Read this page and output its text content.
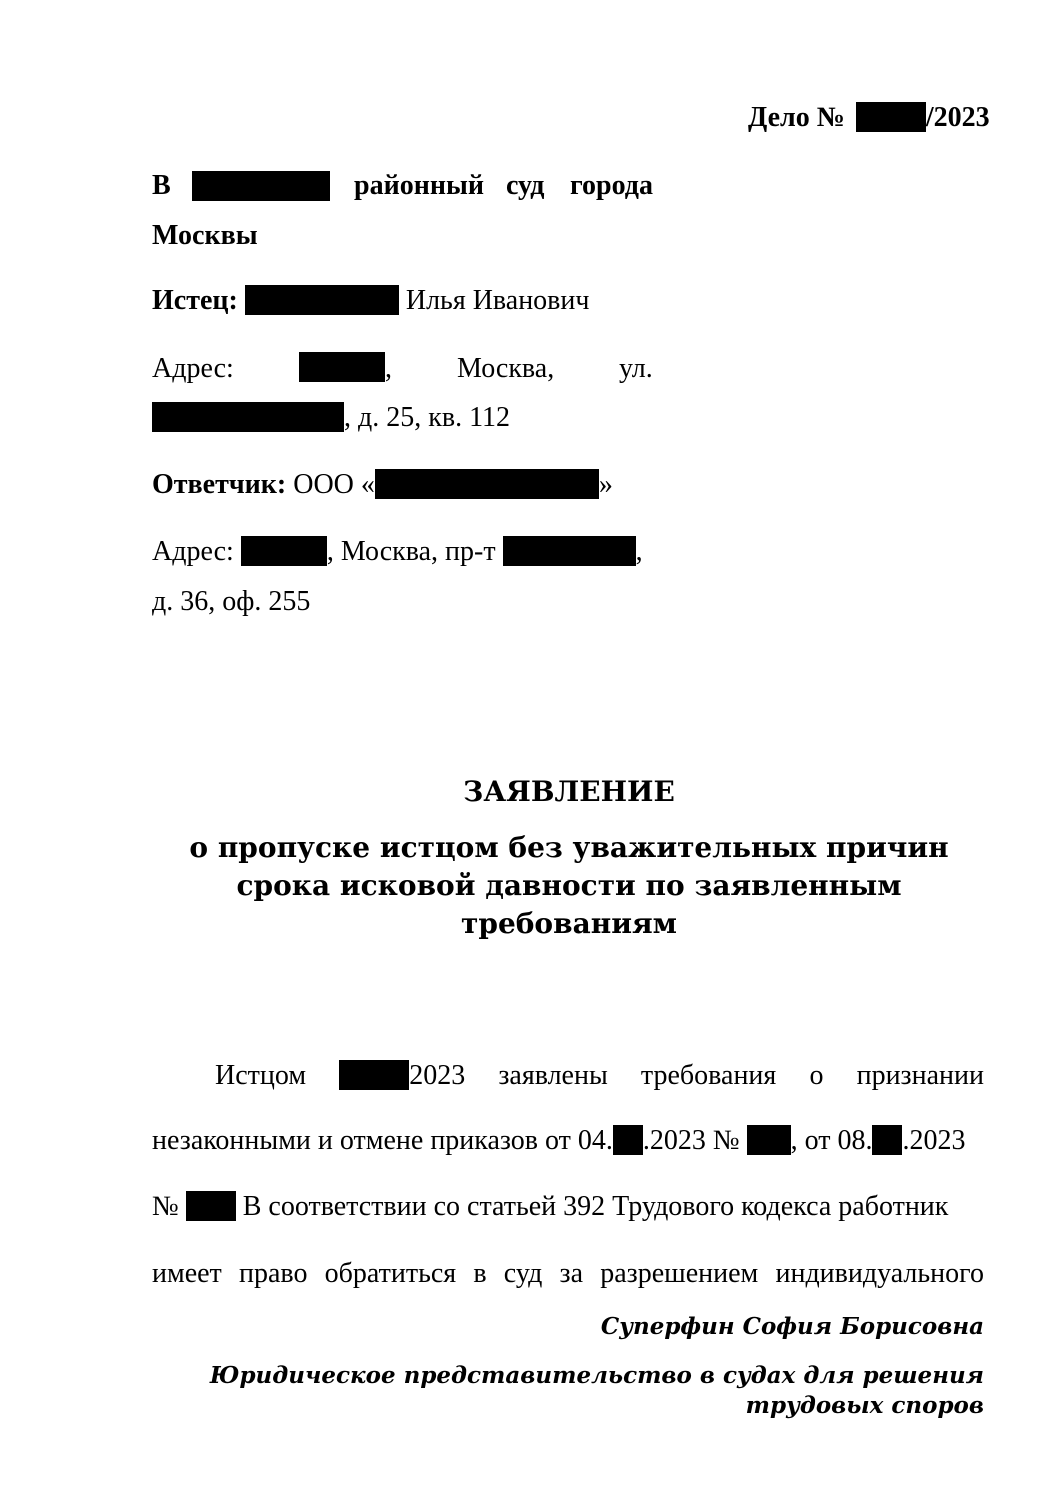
Дело №	/2023
В	районный суд города
Москвы
Истец:	Илья Иванович
Адрес:	, Москва, ул.
, д. 25, кв. 112
Ответчик: ООО «	»
Адрес:	, Москва, пр-т	,
д. 36, оф. 255
ЗАЯВЛЕНИЕ
о пропуске истцом без уважительных причин
срока исковой давности по заявленным
требованиям
Истцом	2023 заявлены требования о признании
незаконными и отмене приказов от 04. .2023 № , от 08. .2023
№ В соответствии со статьей 392 Трудового кодекса работник
имеет право обратиться в суд за разрешением индивидуального
Суперфин София Борисовна
Юридическое представительство в судах для решения
трудовых споров
